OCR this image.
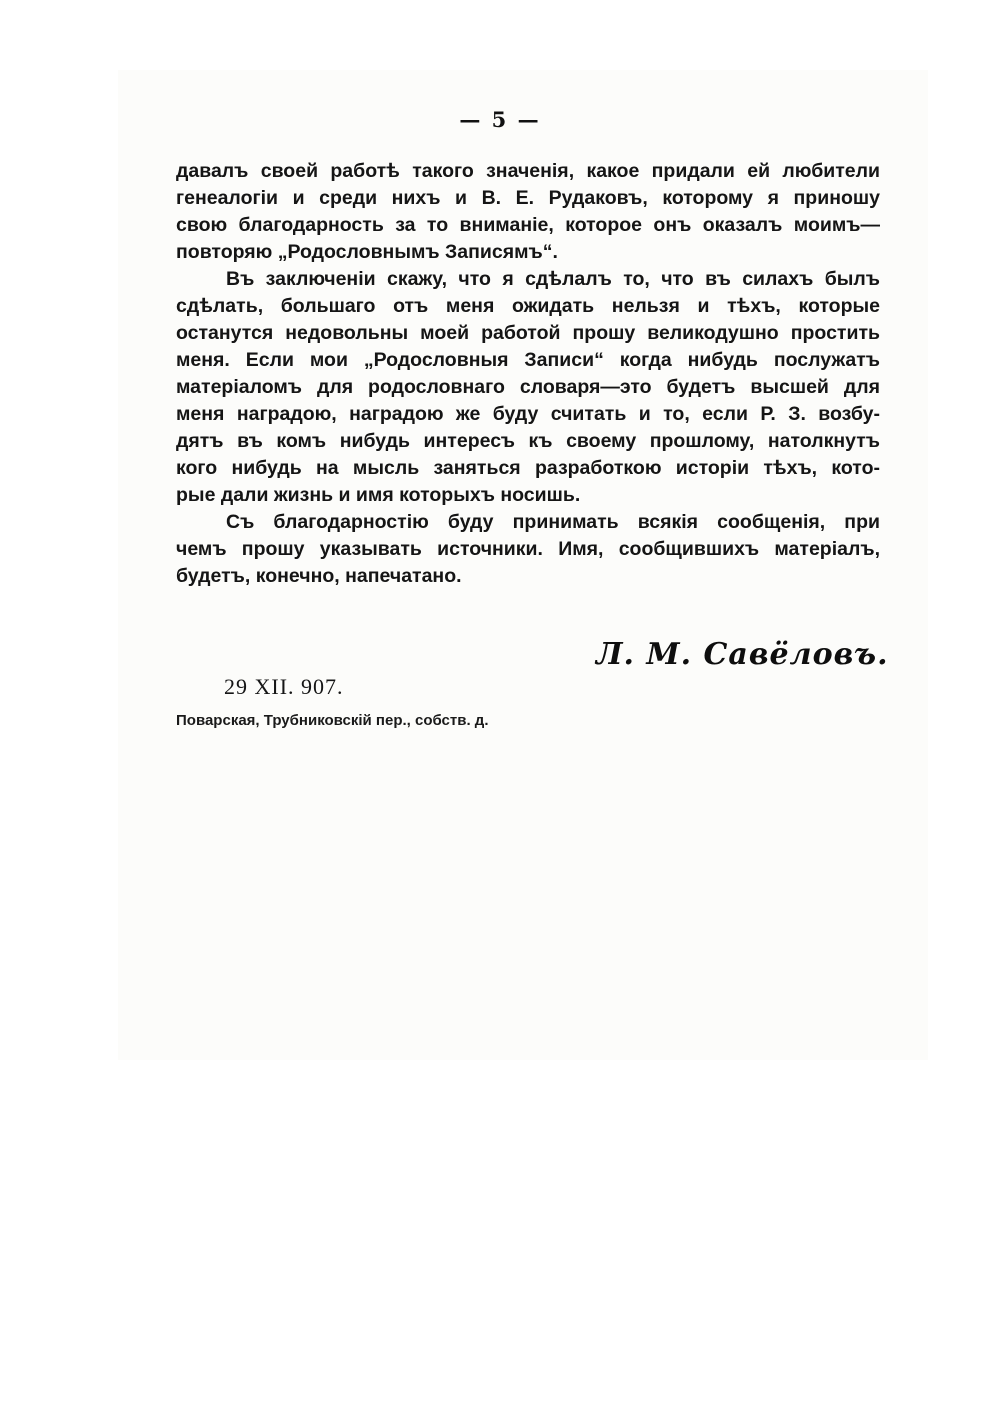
— 5 —
давалъ своей работѣ такого значенія, какое придали ей любители
генеалогіи и среди нихъ и В. Е. Рудаковъ, которому я приношу
свою благодарность за то вниманіе, которое онъ оказалъ моимъ—
повторяю „Родословнымъ Записямъ“.
Въ заключеніи скажу, что я сдѣлалъ то, что въ силахъ былъ
сдѣлать, большаго отъ меня ожидать нельзя и тѣхъ, которые
останутся недовольны моей работой прошу великодушно простить
меня. Если мои „Родословныя Записи“ когда нибудь послужатъ
матеріаломъ для родословнаго словаря—это будетъ высшей для
меня наградою, наградою же буду считать и то, если Р. З. возбу-
дятъ въ комъ нибудь интересъ къ своему прошлому, натолкнутъ
кого нибудь на мысль заняться разработкою исторіи тѣхъ, кото-
рые дали жизнь и имя которыхъ носишь.
Съ благодарностію буду принимать всякія сообщенія, при
чемъ прошу указывать источники. Имя, сообщившихъ матеріалъ,
будетъ, конечно, напечатано.
Л. М. Савёловъ.
29 XII. 907.
Поварская, Трубниковскій пер., собств. д.
